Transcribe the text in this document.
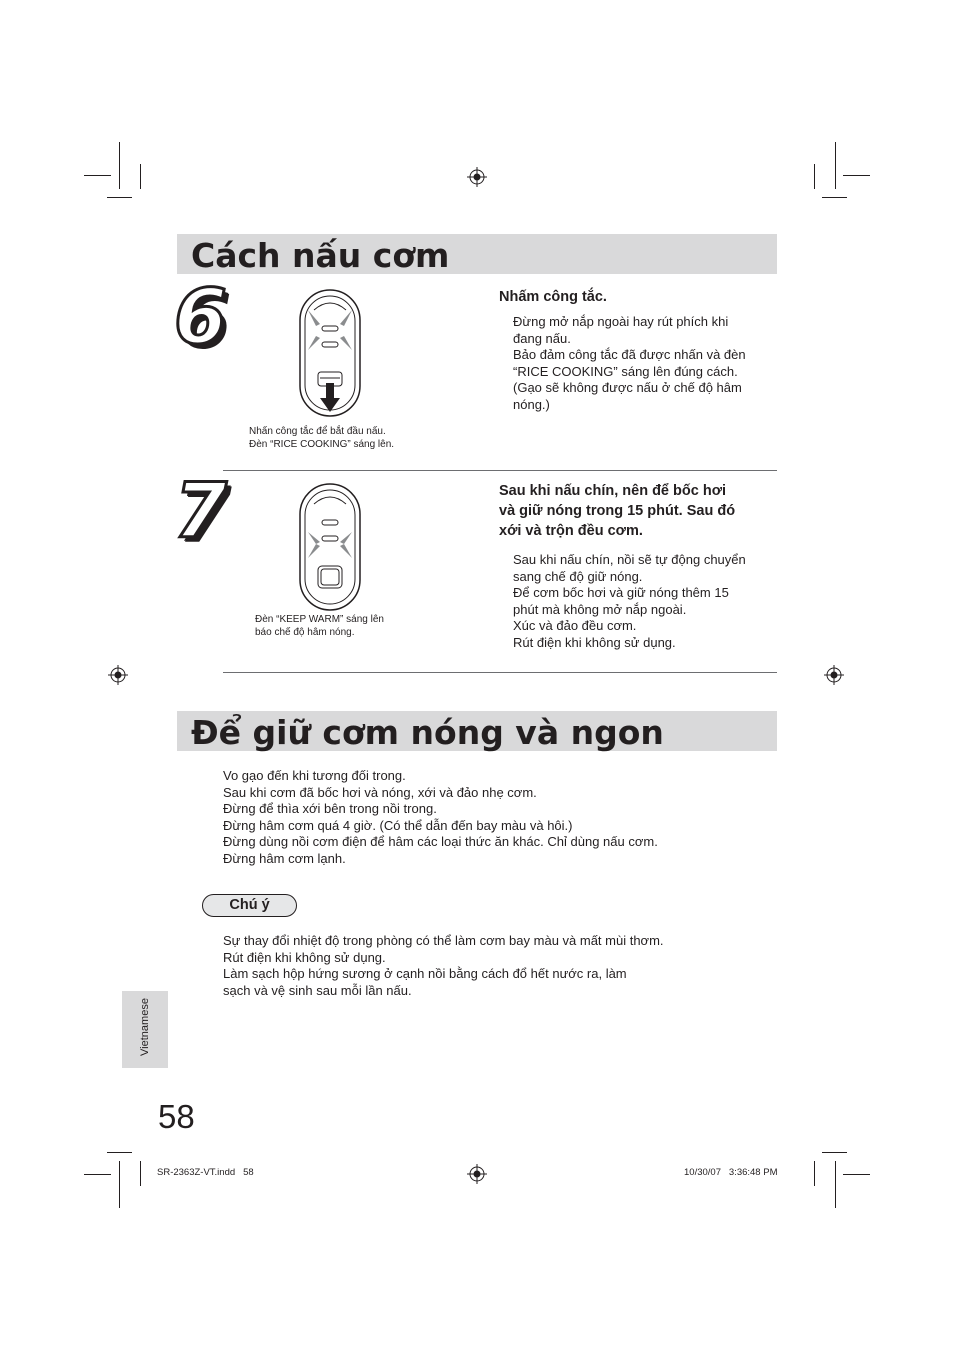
Cách nấu cơm
6
Nhấn công tắc để bắt đầu nấu.
Đèn “RICE COOKING” sáng lên.
Nhấm công tắc.
Đừng mở nắp ngoài hay rút phích khi
đang nấu.
Bảo đảm công tắc đã được nhấn và đèn
“RICE COOKING” sáng lên đúng cách.
(Gạo sẽ không được nấu ở chế độ hâm
nóng.)
7
Đèn “KEEP WARM” sáng lên
báo chế độ hâm nóng.
Sau khi nấu chín, nên để bốc hơi
và giữ nóng trong 15 phút. Sau đó
xới và trộn đều cơm.
Sau khi nấu chín, nồi sẽ tự động chuyển
sang chế độ giữ nóng.
Để cơm bốc hơi và giữ nóng thêm 15
phút mà không mở nắp ngoài.
Xúc và đảo đều cơm.
Rút điện khi không sử dụng.
Để giữ cơm nóng và ngon
Vo gạo đến khi tương đối trong.
Sau khi cơm đã bốc hơi và nóng, xới và đảo nhẹ cơm.
Đừng để thìa xới bên trong nồi trong.
Đừng hâm cơm quá 4 giờ. (Có thể dẫn đến bay màu và hôi.)
Đừng dùng nồi cơm điện để hâm các loại thức ăn khác. Chỉ dùng nấu cơm.
Đừng hâm cơm lạnh.
Chú ý
Sự thay đổi nhiệt độ trong phòng có thể làm cơm bay màu và mất mùi thơm.
Rút điện khi không sử dụng.
Làm sạch hộp hứng sương ở cạnh nồi bằng cách đổ hết nước ra, làm
sạch và vệ sinh sau mỗi lần nấu.
Vietnamese
58
SR-2363Z-VT.indd   58	10/30/07   3:36:48 PM
